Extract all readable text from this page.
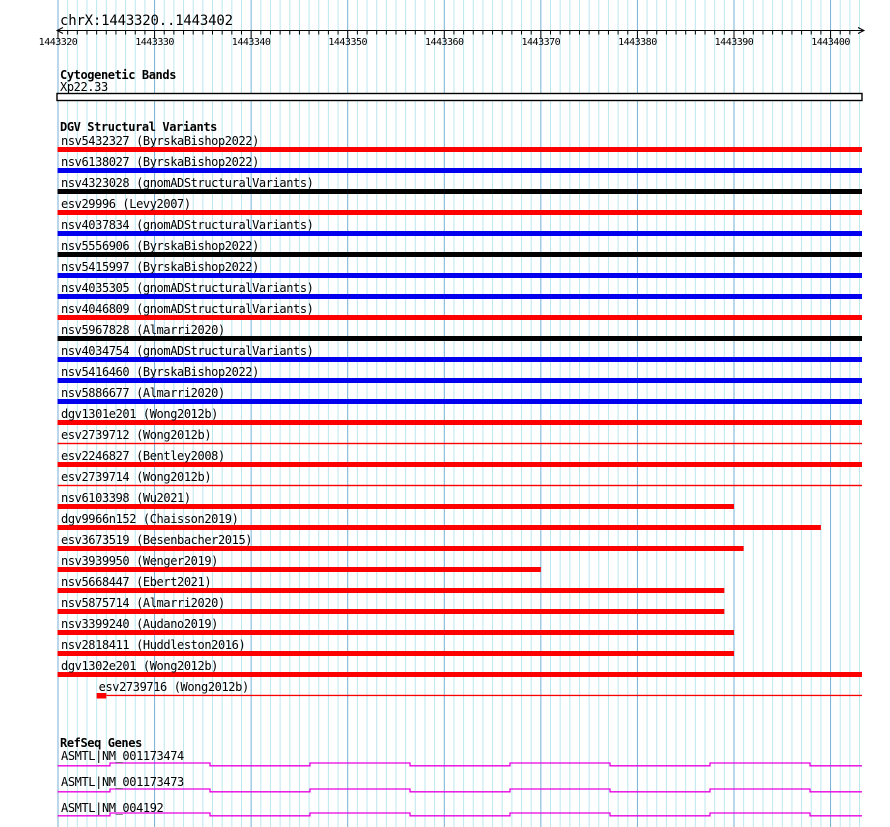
chrX:1443320..1443402
Cytogenetic Bands
Xp22.33
DGV Structural Variants
RefSeq Genes
1443320	1443330	1443340	1443350	1443360	1443370	1443380	1443390	1443400
ASMTL|NM_001173474
ASMTL|NM_001173473
ASMTL|NM_004192
nsv5432327 (ByrskaBishop2022)
nsv6138027 (ByrskaBishop2022)
nsv4323028 (gnomADStructuralVariants)
esv29996 (Levy2007)
nsv4037834 (gnomADStructuralVariants)
nsv5556906 (ByrskaBishop2022)
nsv5415997 (ByrskaBishop2022)
nsv4035305 (gnomADStructuralVariants)
nsv4046809 (gnomADStructuralVariants)
nsv5967828 (Almarri2020)
nsv4034754 (gnomADStructuralVariants)
nsv5416460 (ByrskaBishop2022)
nsv5886677 (Almarri2020)
dgv1301e201 (Wong2012b)
esv2739712 (Wong2012b)
esv2246827 (Bentley2008)
esv2739714 (Wong2012b)
nsv6103398 (Wu2021)
dgv9966n152 (Chaisson2019)
esv3673519 (Besenbacher2015)
nsv3939950 (Wenger2019)
nsv5668447 (Ebert2021)
nsv5875714 (Almarri2020)
nsv3399240 (Audano2019)
nsv2818411 (Huddleston2016)
dgv1302e201 (Wong2012b)
esv2739716 (Wong2012b)
